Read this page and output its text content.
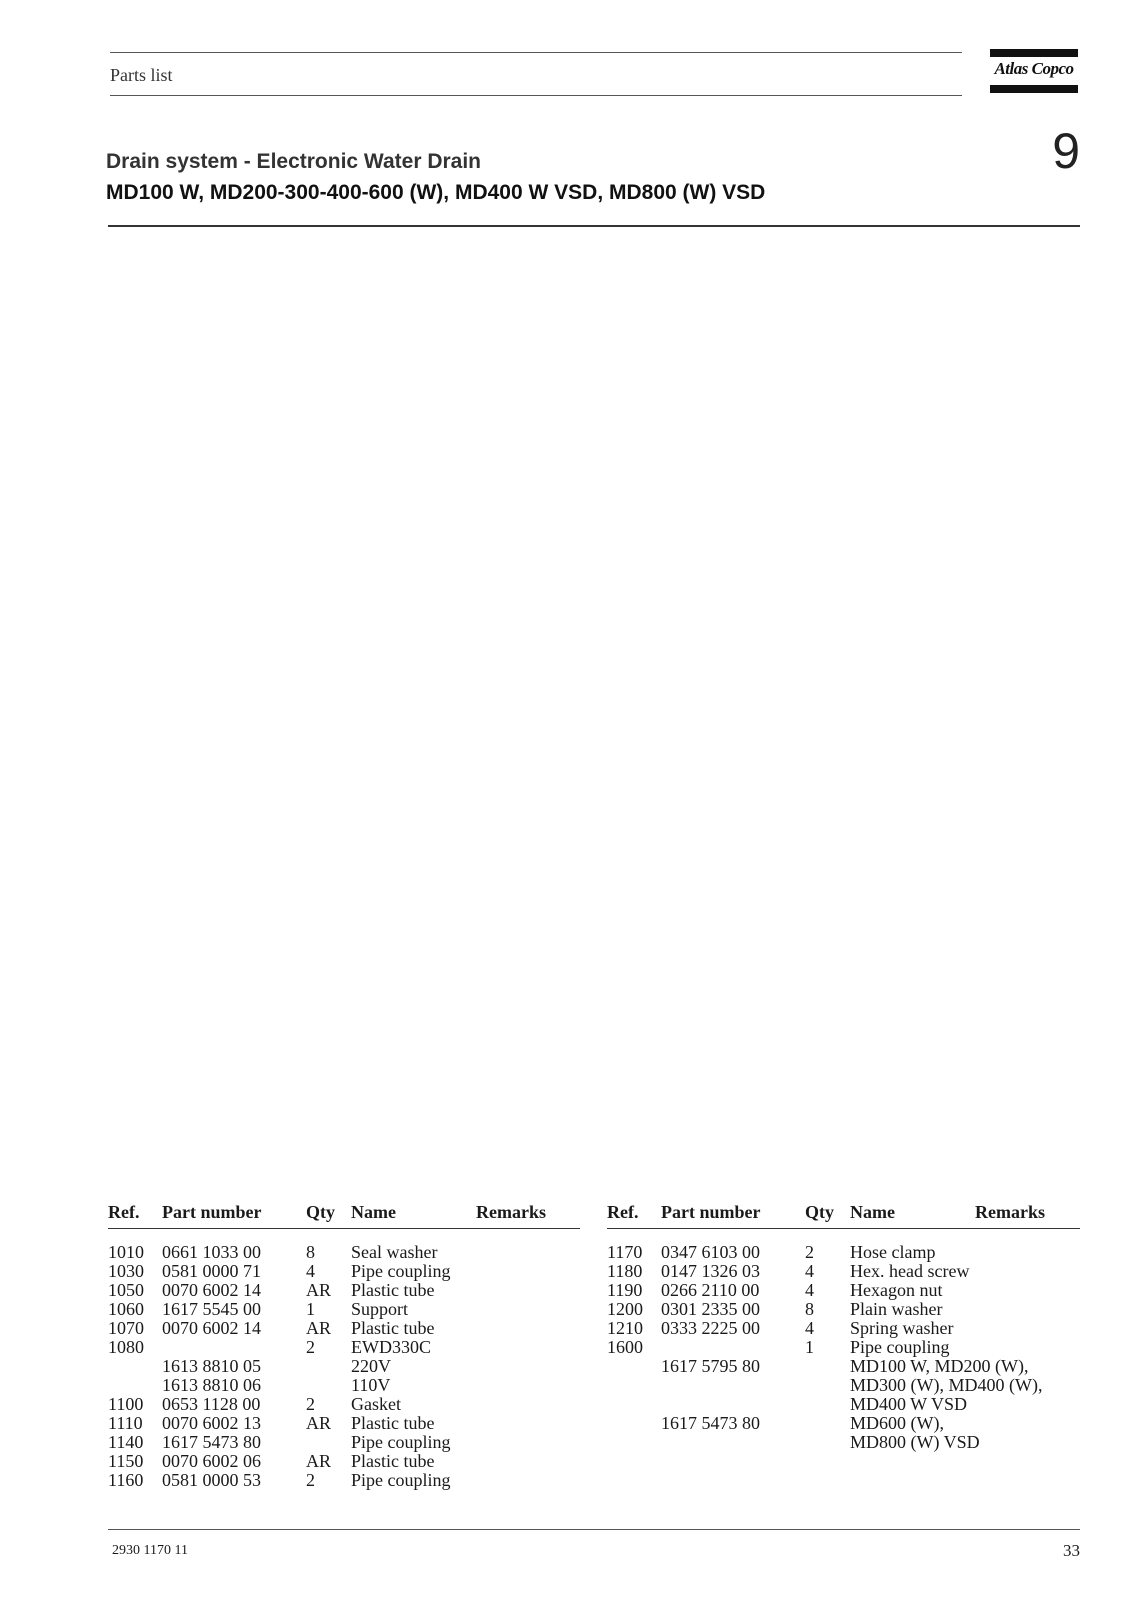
Parts list	Atlas Copco
Drain system - Electronic Water Drain
MD100 W, MD200-300-400-600 (W), MD400 W VSD, MD800 (W) VSD
9
Ref. Part number Qty Name	Remarks
1010 0661 1033 00	8 Seal washer
1030 0581 0000 71	4 Pipe coupling
1050 0070 6002 14	AR Plastic tube
1060 1617 5545 00	1 Support
1070 0070 6002 14	AR Plastic tube
1080	2 EWD330C
1613 8810 05	220V
1613 8810 06	110V
1100 0653 1128 00	2 Gasket
1110 0070 6002 13	AR Plastic tube
1140 1617 5473 80	Pipe coupling
1150 0070 6002 06	AR Plastic tube
1160 0581 0000 53	2 Pipe coupling
Ref. Part number Qty Name	Remarks
1170 0347 6103 00	2 Hose clamp
1180 0147 1326 03	4 Hex. head screw
1190 0266 2110 00	4 Hexagon nut
1200 0301 2335 00	8 Plain washer
1210 0333 2225 00	4 Spring washer
1600	1 Pipe coupling
1617 5795 80	MD100 W, MD200 (W),
MD300 (W), MD400 (W),
MD400 W VSD
1617 5473 80	MD600 (W),
MD800 (W) VSD
2930 1170 11	33
